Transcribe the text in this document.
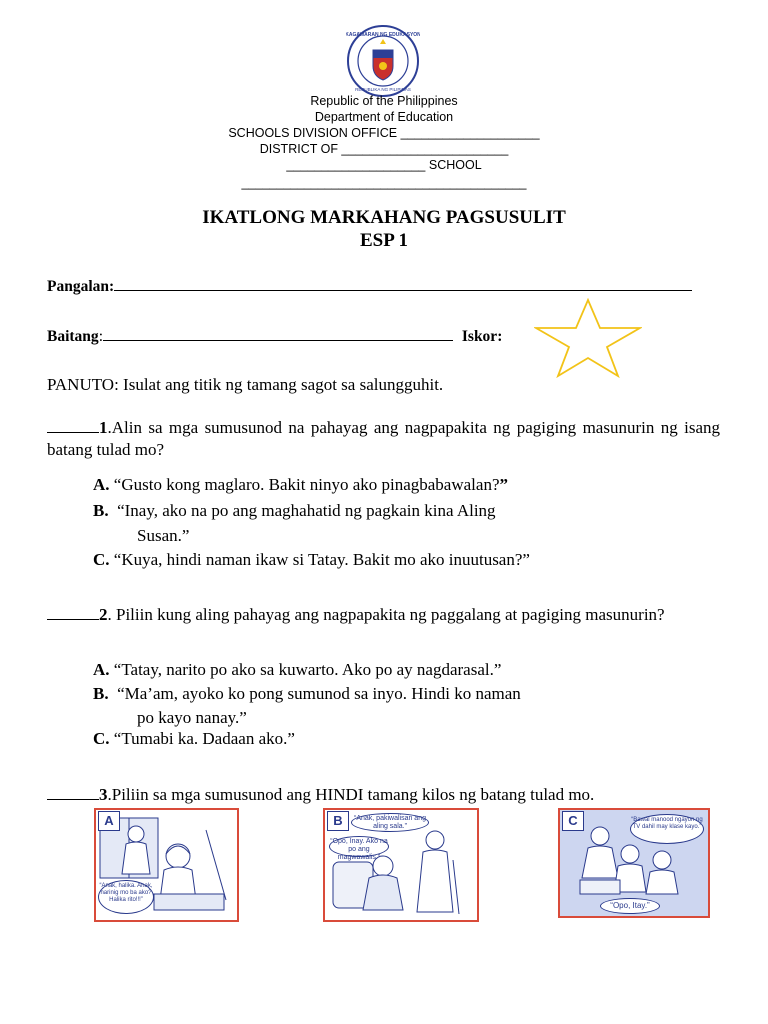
KAGAWARAN NG EDUKASYON
REPUBLIKA NG PILIPINAS
Republic of the Philippines
Department of Education
SCHOOLS DIVISION OFFICE ____________________
DISTRICT OF ________________________
____________________ SCHOOL
_________________________________________
IKATLONG MARKAHANG PAGSUSULIT
ESP 1
Pangalan:
Baitang:	Iskor:
PANUTO: Isulat ang titik ng tamang sagot sa salungguhit.
1.Alin sa mga sumusunod na pahayag ang nagpapakita ng pagiging masunurin ng isang batang tulad mo?
A. “Gusto kong maglaro. Bakit ninyo ako pinagbabawalan?”
B. “Inay, ako na po ang maghahatid ng pagkain kina Aling
Susan.”
C. “Kuya, hindi naman ikaw si Tatay. Bakit mo ako inuutusan?”
2. Piliin kung aling pahayag ang nagpapakita ng paggalang at pagiging masunurin?
A. “Tatay, narito po ako sa kuwarto. Ako po ay nagdarasal.”
B. “Ma’am, ayoko ko pong sumunod sa inyo. Hindi ko naman
po kayo nanay.”
C. “Tumabi ka. Dadaan ako.”
3.Piliin sa mga sumusunod ang HINDI tamang kilos ng batang tulad mo.
A
“Anak, halika. Anak, narinig mo ba ako? Halika rito!!!”
B	“Anak, pakiwalisan ang aling sala.”
“Opo, Inay. Ako na po ang magwawalis.”
C	“Bawal manood ngayon ng TV dahil may klase kayo.”
“Opo, Itay.”
